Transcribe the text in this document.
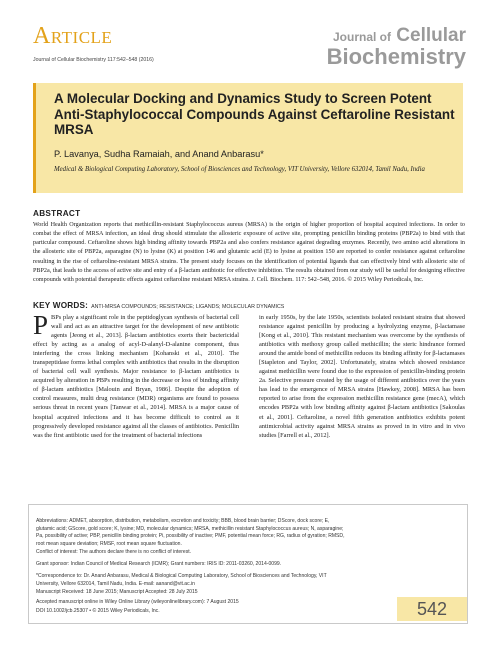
Article
Journal of Cellular Biochemistry 117:542–548 (2016)
Journal of Cellular
Biochemistry
A Molecular Docking and Dynamics Study to Screen Potent Anti-Staphylococcal Compounds Against Ceftaroline Resistant MRSA
P. Lavanya, Sudha Ramaiah, and Anand Anbarasu*
Medical & Biological Computing Laboratory, School of Biosciences and Technology, VIT University, Vellore 632014, Tamil Nadu, India
ABSTRACT
World Health Organization reports that methicillin-resistant Staphylococcus aureus (MRSA) is the origin of higher proportion of hospital acquired infections. In order to combat the effect of MRSA infection, an ideal drug should stimulate the allosteric exposure of active site, prompting penicillin binding proteins (PBP2a) to bind with that particular compound. Ceftaroline shows high binding affinity towards PBP2a and also confers resistance against degrading enzymes. Recently, two amino acid alterations in the allosteric site of PBP2a, asparagine (N) to lysine (K) at position 146 and glutamic acid (E) to lysine at position 150 are reported to confer resistance against ceftaroline resulting in the rise of ceftaroline-resistant MRSA strains. The present study focuses on the identification of potential ligands that can effectively bind with allosteric site of PBP2a, that leads to the access of active site and entry of a β-lactam antibiotic for effective inhibition. The results obtained from our study will be useful for designing effective compounds with potential therapeutic effects against ceftaroline resistant MRSA strains. J. Cell. Biochem. 117: 542–548, 2016. © 2015 Wiley Periodicals, Inc.
KEY WORDS: ANTI-MRSA COMPOUNDS; RESISTANCE; LIGANDS; MOLECULAR DYNAMICS
P BPs play a significant role in the peptidoglycan synthesis of bacterial cell wall and act as an attractive target for the development of new antibiotic agents [Jeong et al., 2013]. β-lactam antibiotics exerts their bactericidal effect by acting as a analog of acyl-D-alanyl-D-alanine component, thus interfering the cross linking mechanism [Kohanski et al., 2010]. The transpeptidase forms lethal complex with antibiotics that results in the disruption of bacterial cell wall synthesis. Major resistance to β-lactam antibiotics is acquired by alteration in PBPs resulting in the decrease or loss of binding affinity of β-lactam antibiotics [Malouin and Bryan, 1986]. Despite the adoption of control measures, multi drug resistance (MDR) organisms are found to possess serious threat in recent years [Tanwar et al., 2014]. MRSA is a major cause of hospital acquired infections and it has become difficult to control as it progressively developed resistance against all the classes of antibiotics. Penicillin was the first antibiotic used for the treatment of bacterial infections
in early 1950s, by the late 1950s, scientists isolated resistant strains that showed resistance against penicillin by producing a hydrolyzing enzyme, β-lactamase [Kong et al., 2010]. This resistant mechanism was overcome by the synthesis of antibiotics with methoxy group called methicillin; the steric hindrance formed around the amide bond of methicillin reduces its binding affinity for β-lactamases [Stapleton and Taylor, 2002]. Unfortunately, strains which showed resistance against methicillin were found due to the expression of penicillin-binding protein 2a. Selective pressure created by the usage of different antibiotics over the years has lead to the emergence of MRSA strains [Hawkey, 2008]. MRSA has been reported to arise from the expression methicillin resistance gene (mecA), which encodes PBP2a with low binding affinity against β-lactam antibiotics [Sakoulas et al., 2001]. Ceftaroline, a novel fifth generation antibiotics exhibits potent antimicrobial activity against MRSA strains as proved in in vitro and in vivo studies [Farrell et al., 2012].
Abbreviations: ADMET, absorption, distribution, metabolism, excretion and toxicity; BBB, blood brain barrier; DScore, dock score; E, glutamic acid; GScore, gold score; K, lysine; MD, molecular dynamics; MRSA, methicillin resistant Staphylococcus aureus; N, asparagine; Pa, possibility of active; PBP, penicillin binding protein; Pi, possibility of inactive; PMF, potential mean force; RG, radius of gyration; RMSD, root mean square deviation; RMSF, root mean square fluctuation.
Conflict of interest: The authors declare there is no conflict of interest.
Grant sponsor: Indian Council of Medical Research (ICMR); Grant numbers: IRIS ID: 2011-03260, 2014-0099.
*Correspondence to: Dr. Anand Anbarasu, Medical & Biological Computing Laboratory, School of Biosciences and Technology, VIT University, Vellore 632014, Tamil Nadu, India. E-mail: aanand@vit.ac.in
Manuscript Received: 18 June 2015; Manuscript Accepted: 28 July 2015
Accepted manuscript online in Wiley Online Library (wileyonlinelibrary.com): 7 August 2015
DOI 10.1002/jcb.25307 • © 2015 Wiley Periodicals, Inc.	542
